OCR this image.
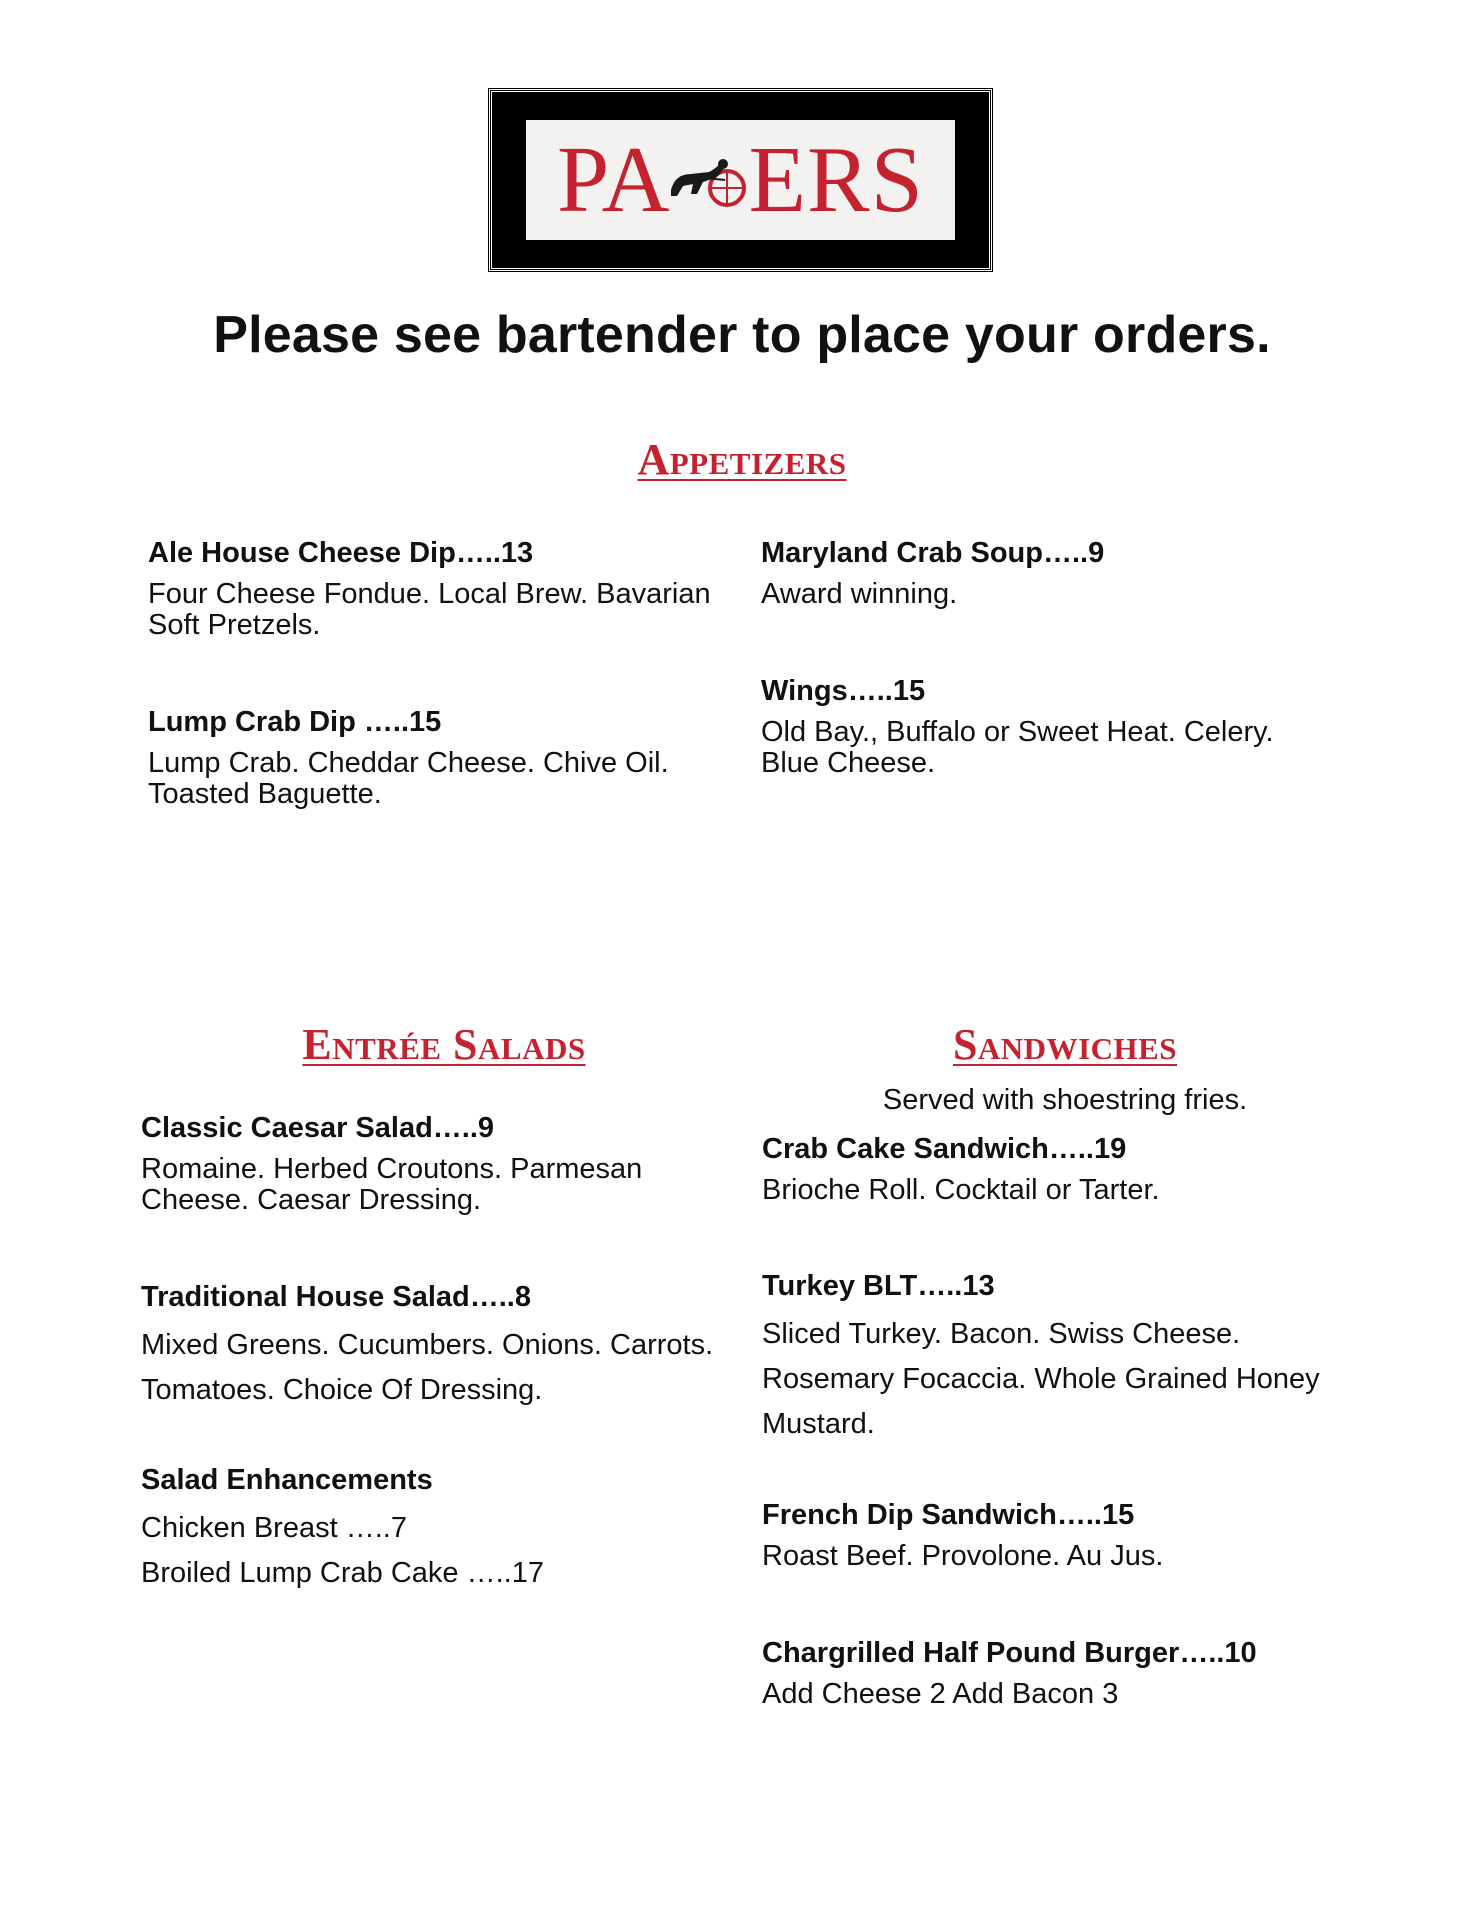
PA ERS
Please see bartender to place your orders.
Appetizers

Ale House Cheese Dip…..13

Four Cheese Fondue. Local Brew. Bavarian Soft Pretzels.

Lump Crab Dip …..15

Lump Crab. Cheddar Cheese. Chive Oil. Toasted Baguette.

Maryland Crab Soup…..9

Award winning.

Wings…..15

Old Bay., Buffalo or Sweet Heat. Celery. Blue Cheese.

Entrée Salads

Classic Caesar Salad…..9

Romaine. Herbed Croutons. Parmesan Cheese. Caesar Dressing.

Traditional House Salad…..8

Mixed Greens. Cucumbers. Onions. Carrots. Tomatoes. Choice Of Dressing.

Salad Enhancements

Chicken Breast …..7

Broiled Lump Crab Cake …..17

Sandwiches
Served with shoestring fries.

Crab Cake Sandwich…..19

Brioche Roll. Cocktail or Tarter.

Turkey BLT…..13

Sliced Turkey. Bacon. Swiss Cheese. Rosemary Focaccia. Whole Grained Honey Mustard.

French Dip Sandwich…..15

Roast Beef. Provolone. Au Jus.

Chargrilled Half Pound Burger…..10

Add Cheese 2 Add Bacon 3
